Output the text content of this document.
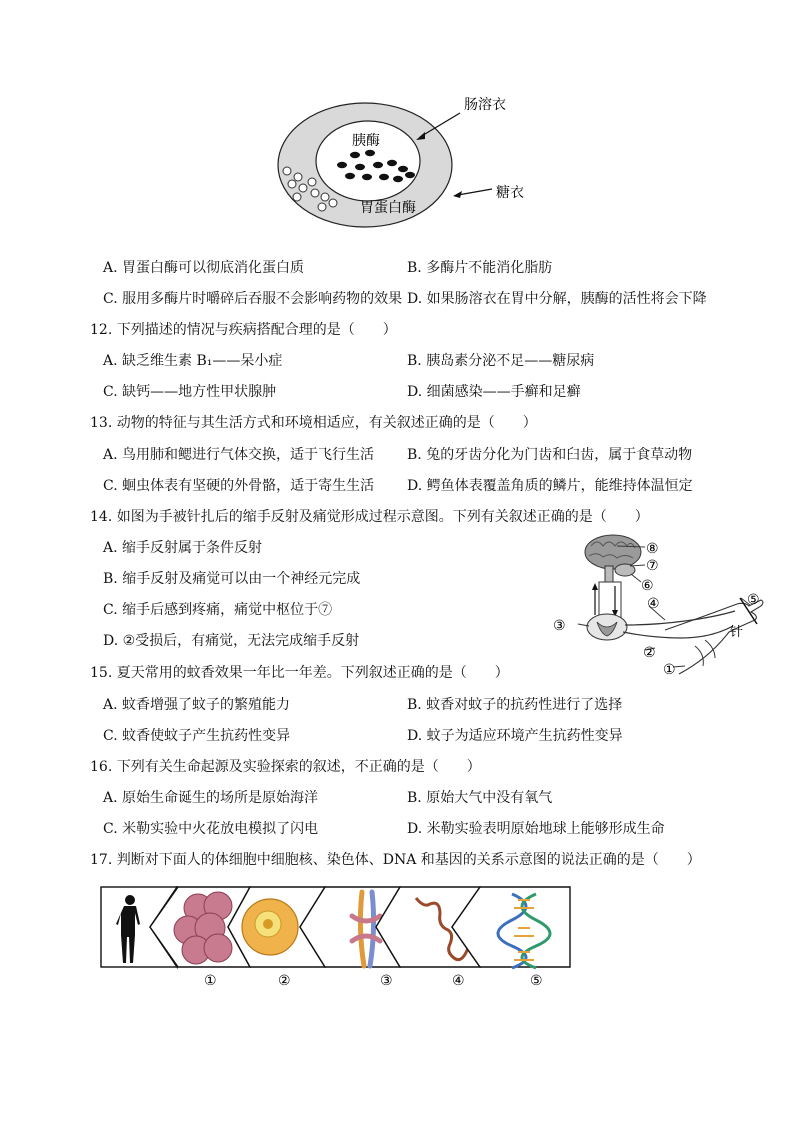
胰酶
胃蛋白酶
肠溶衣
糖衣
A. 胃蛋白酶可以彻底消化蛋白质	B. 多酶片不能消化脂肪
C. 服用多酶片时嚼碎后吞服不会影响药物的效果 D. 如果肠溶衣在胃中分解，胰酶的活性将会下降
12. 下列描述的情况与疾病搭配合理的是（　　）
A. 缺乏维生素 B₁——呆小症	B. 胰岛素分泌不足——糖尿病
C. 缺钙——地方性甲状腺肿	D. 细菌感染——手癣和足癣
13. 动物的特征与其生活方式和环境相适应，有关叙述正确的是（　　）
A. 鸟用肺和鳃进行气体交换，适于飞行生活 B. 兔的牙齿分化为门齿和臼齿，属于食草动物
C. 蛔虫体表有坚硬的外骨骼，适于寄生生活 D. 鳄鱼体表覆盖角质的鳞片，能维持体温恒定
14. 如图为手被针扎后的缩手反射及痛觉形成过程示意图。下列有关叙述正确的是（　　）
A. 缩手反射属于条件反射
B. 缩手反射及痛觉可以由一个神经元完成
C. 缩手后感到疼痛，痛觉中枢位于⑦
D. ②受损后，有痛觉，无法完成缩手反射
⑧
⑦
⑥
④	⑤
③	针
②
①
15. 夏天常用的蚊香效果一年比一年差。下列叙述正确的是（　　）
A. 蚊香增强了蚊子的繁殖能力	B. 蚊香对蚊子的抗药性进行了选择
C. 蚊香使蚊子产生抗药性变异	D. 蚊子为适应环境产生抗药性变异
16. 下列有关生命起源及实验探索的叙述，不正确的是（　　）
A. 原始生命诞生的场所是原始海洋	B. 原始大气中没有氧气
C. 米勒实验中火花放电模拟了闪电	D. 米勒实验表明原始地球上能够形成生命
17. 判断对下面人的体细胞中细胞核、染色体、DNA 和基因的关系示意图的说法正确的是（　　）
①	②	③	④	⑤
